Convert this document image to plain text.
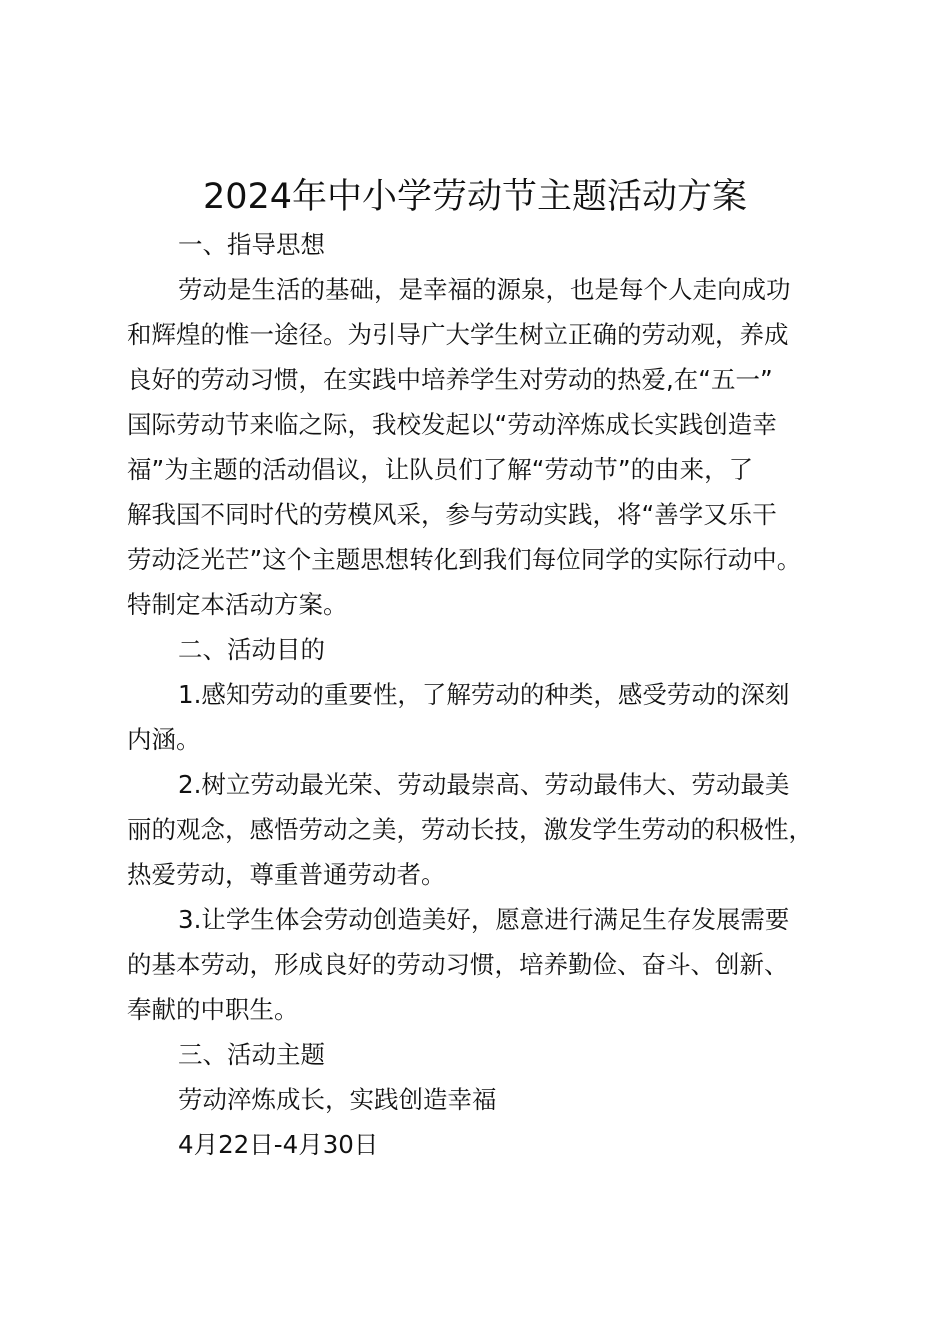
2024年中小学劳动节主题活动方案

一、指导思想

劳动是生活的基础，是幸福的源泉，也是每个人走向成功

和辉煌的惟一途径。为引导广大学生树立正确的劳动观，养成

良好的劳动习惯，在实践中培养学生对劳动的热爱,在“五一”

国际劳动节来临之际，我校发起以“劳动淬炼成长实践创造幸

福”为主题的活动倡议，让队员们了解“劳动节”的由来，了

解我国不同时代的劳模风采，参与劳动实践，将“善学又乐干

劳动泛光芒”这个主题思想转化到我们每位同学的实际行动中。

特制定本活动方案。

二、活动目的

1.感知劳动的重要性，了解劳动的种类，感受劳动的深刻

内涵。

2.树立劳动最光荣、劳动最崇高、劳动最伟大、劳动最美

丽的观念，感悟劳动之美，劳动长技，激发学生劳动的积极性，

热爱劳动，尊重普通劳动者。

3.让学生体会劳动创造美好，愿意进行满足生存发展需要

的基本劳动，形成良好的劳动习惯，培养勤俭、奋斗、创新、

奉献的中职生。

三、活动主题

劳动淬炼成长，实践创造幸福

4月22日-4月30日
